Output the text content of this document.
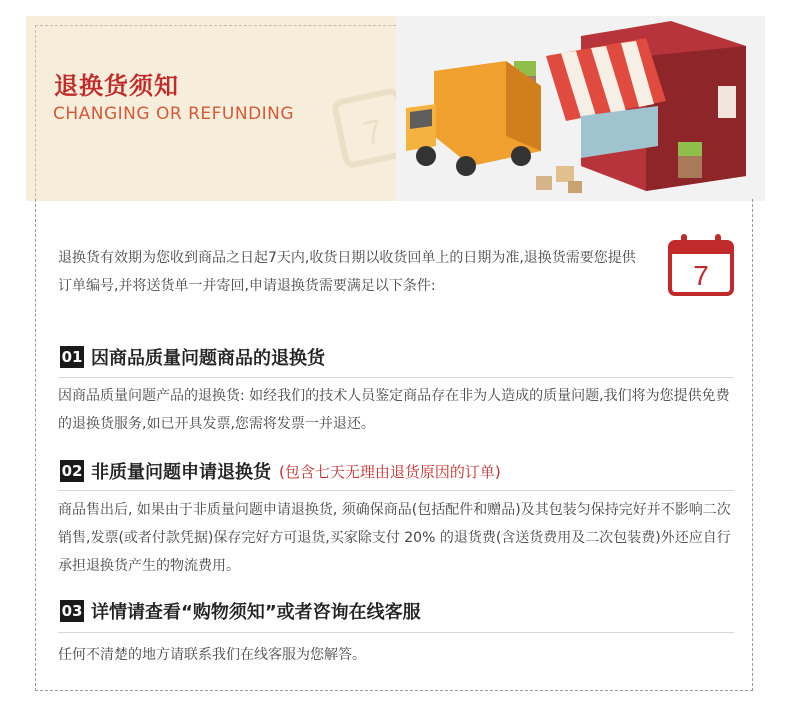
7
退换货须知
CHANGING OR REFUNDING
退换货有效期为您收到商品之日起7天内,收货日期以收货回单上的日期为准,退换货需要您提供订单编号,并将送货单一并寄回,申请退换货需要满足以下条件:	7
01 因商品质量问题商品的退换货
因商品质量问题产品的退换货: 如经我们的技术人员鉴定商品存在非为人造成的质量问题,我们将为您提供免费的退换货服务,如已开具发票,您需将发票一并退还。
02 非质量问题申请退换货 (包含七天无理由退货原因的订单)
商品售出后, 如果由于非质量问题申请退换货, 须确保商品(包括配件和赠品)及其包装匀保持完好并不影响二次销售,发票(或者付款凭据)保存完好方可退货,买家除支付 20% 的退货费(含送货费用及二次包装费)外还应自行承担退换货产生的物流费用。
03 详情请查看“购物须知”或者咨询在线客服
任何不清楚的地方请联系我们在线客服为您解答。
